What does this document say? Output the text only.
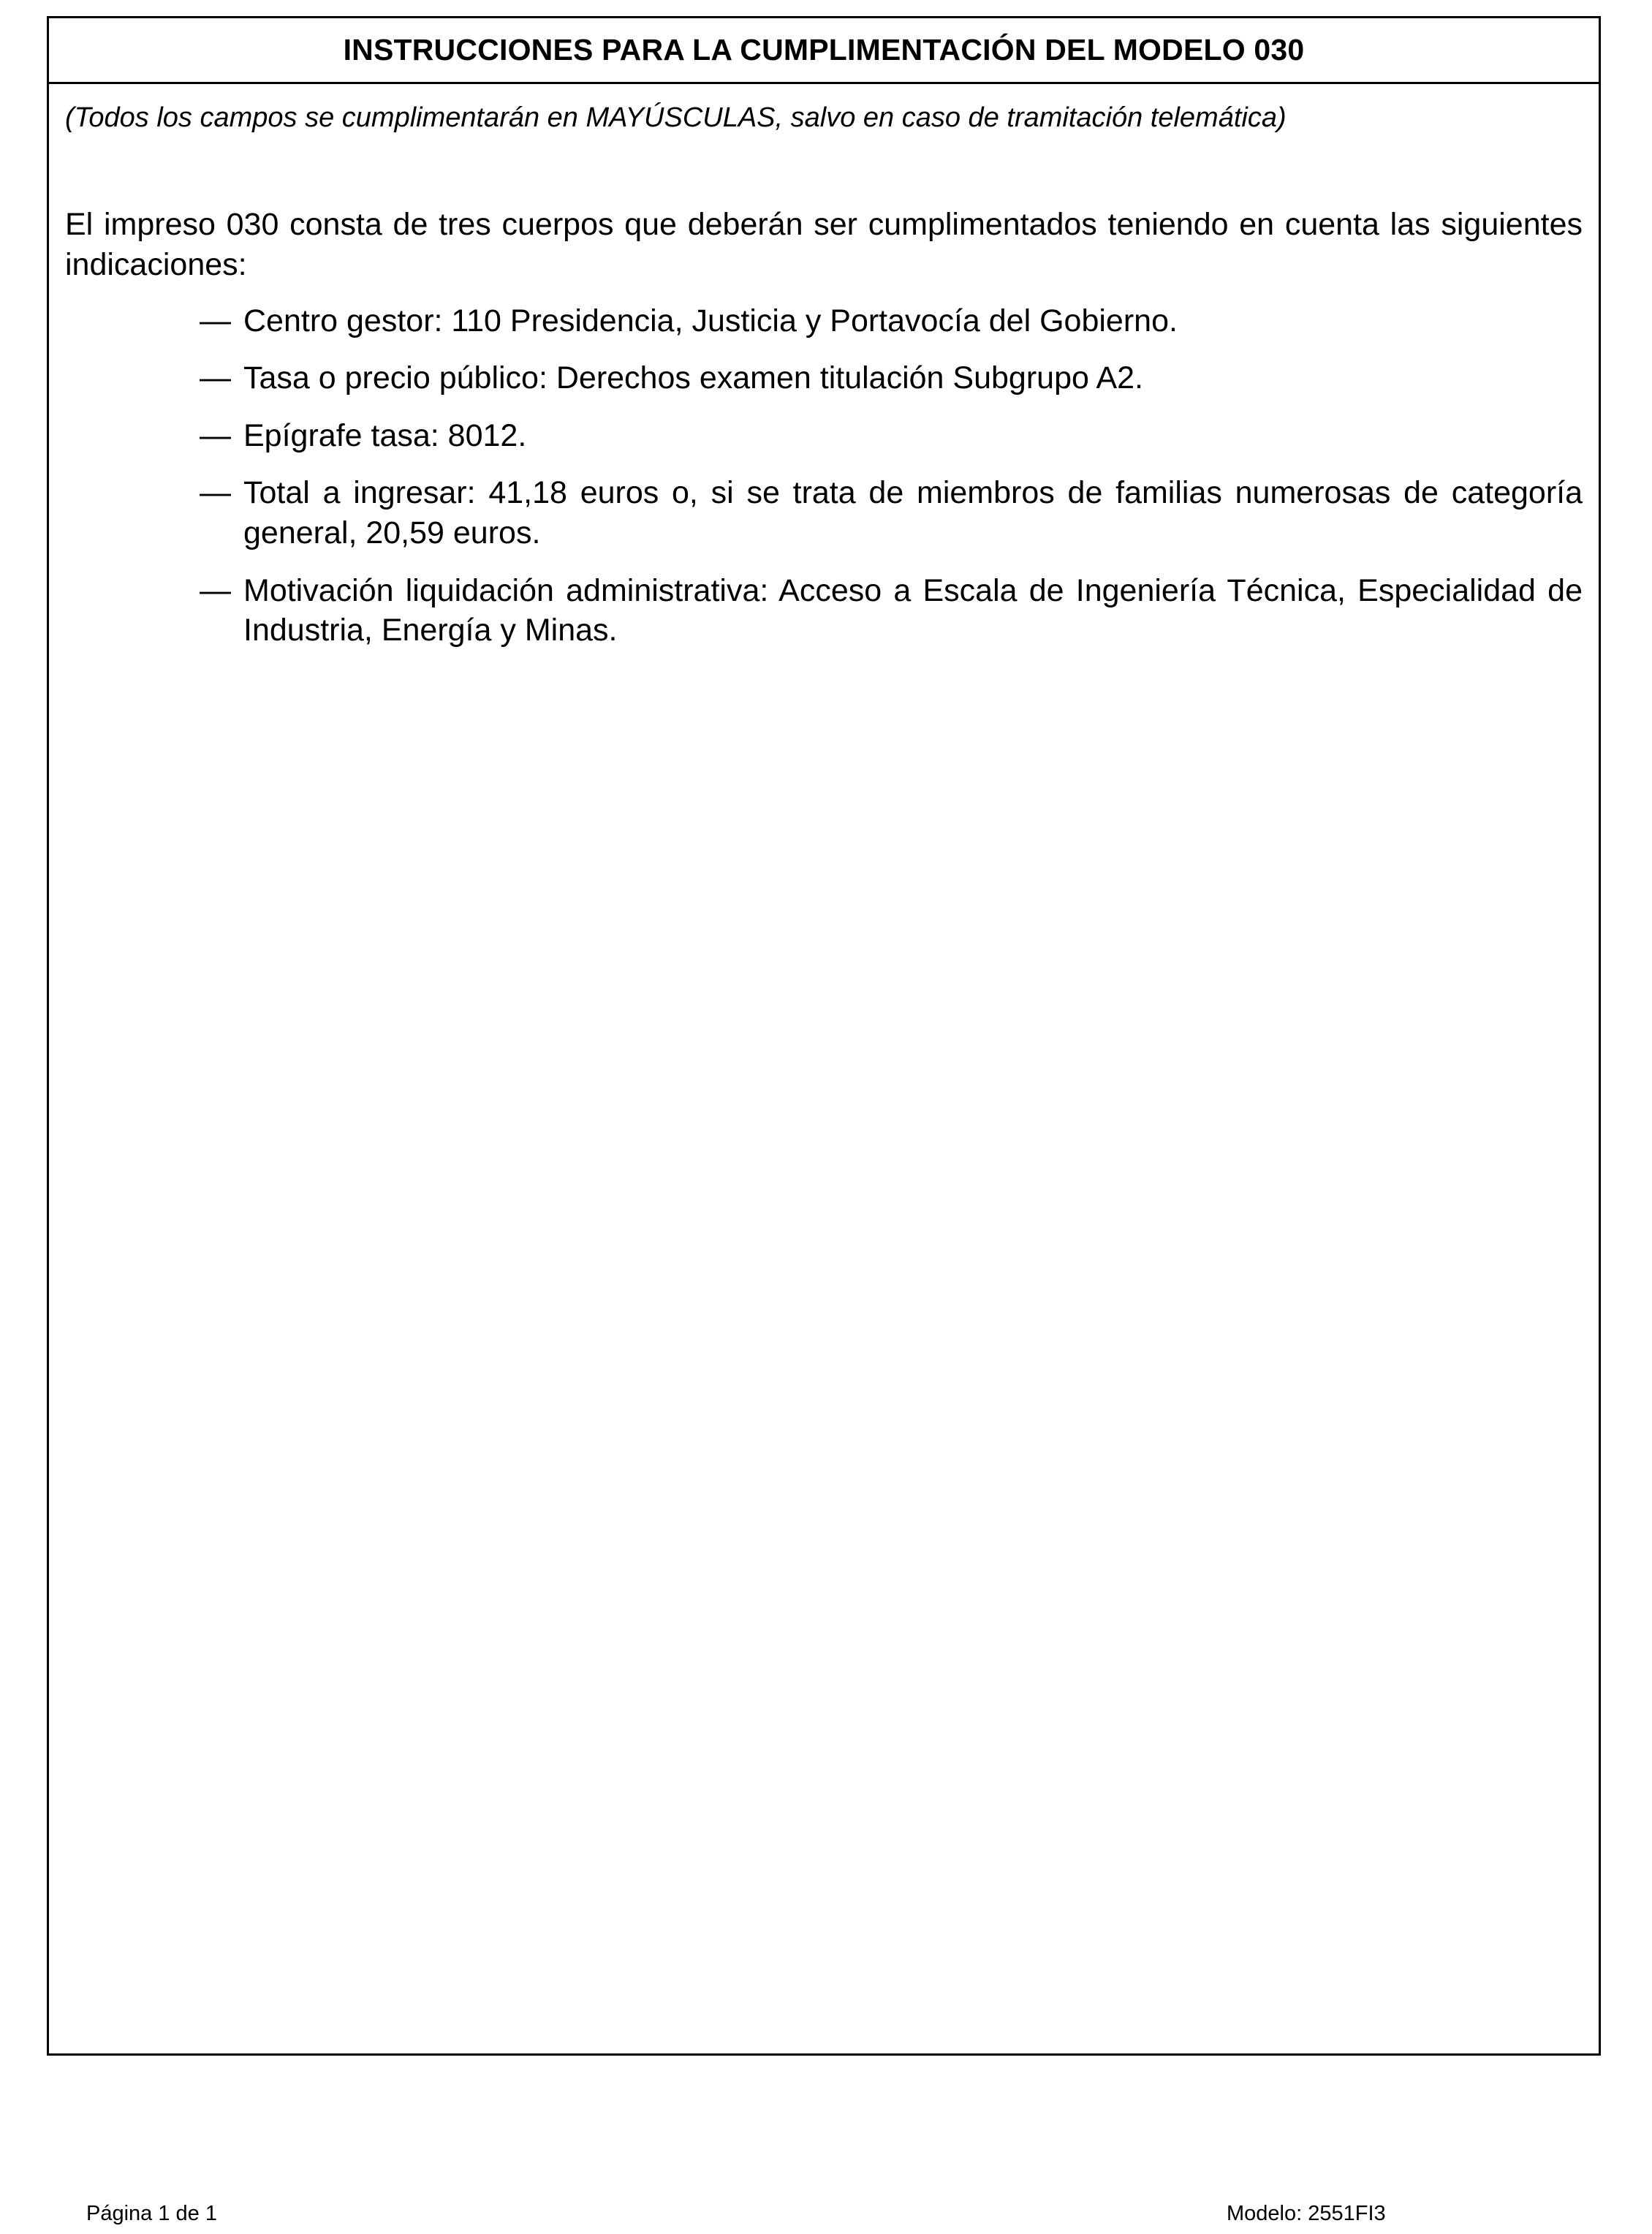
INSTRUCCIONES PARA LA CUMPLIMENTACIÓN DEL MODELO 030

(Todos los campos se cumplimentarán en MAYÚSCULAS, salvo en caso de tramitación telemática)

El impreso 030 consta de tres cuerpos que deberán ser cumplimentados teniendo en cuenta las siguientes indicaciones:

— Centro gestor: 110 Presidencia, Justicia y Portavocía del Gobierno.
— Tasa o precio público: Derechos examen titulación Subgrupo A2.
— Epígrafe tasa: 8012.
— Total a ingresar: 41,18 euros o, si se trata de miembros de familias numerosas de categoría general, 20,59 euros.
— Motivación liquidación administrativa: Acceso a Escala de Ingeniería Técnica, Especialidad de Industria, Energía y Minas.
Página 1 de 1	Modelo: 2551FI3
